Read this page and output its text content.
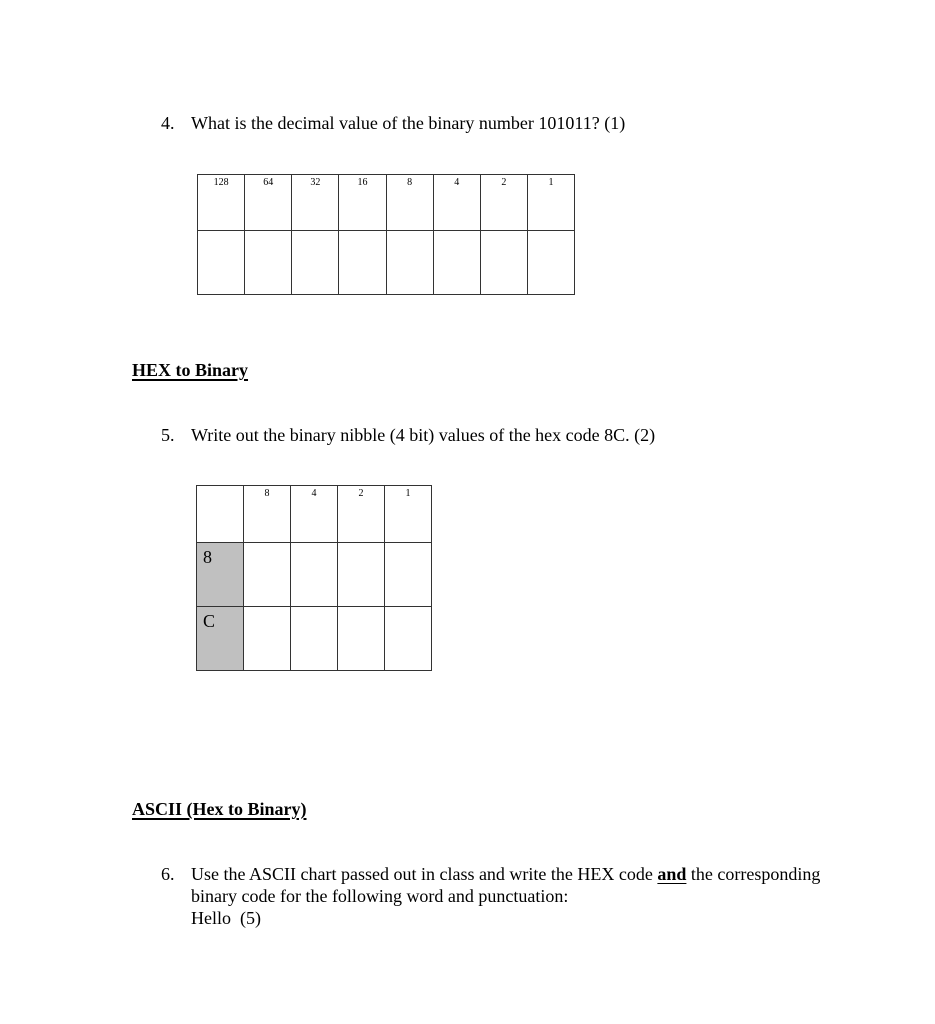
4. What is the decimal value of the binary number 101011? (1)
128	64	32	16	8	4	2	1

HEX to Binary
5. Write out the binary nibble (4 bit) values of the hex code 8C. (2)

	8	4	2	1

8				

C				

ASCII (Hex to Binary)
6. Use the ASCII chart passed out in class and write the HEX code and the corresponding
binary code for the following word and punctuation:
Hello  (5)
